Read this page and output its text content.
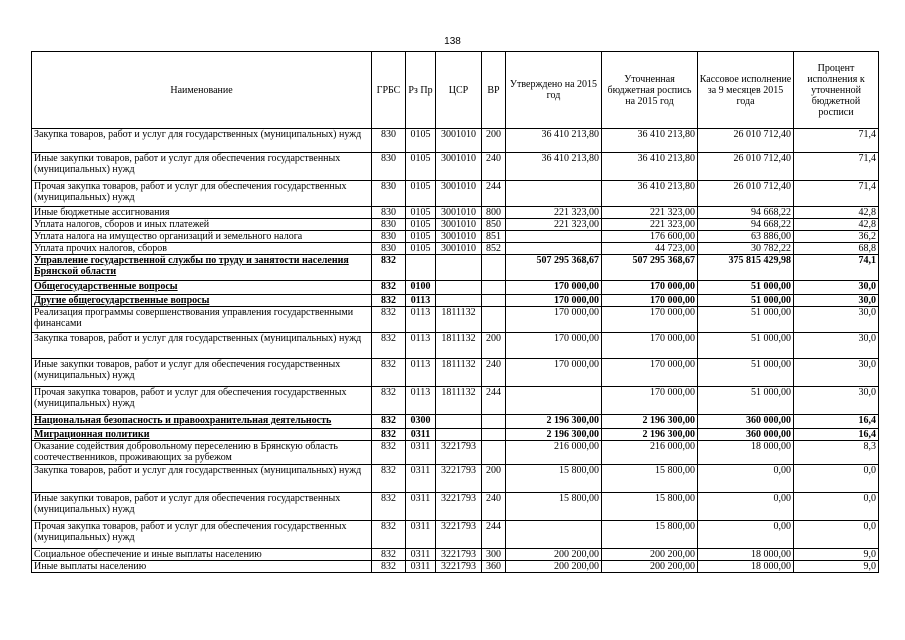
138
Наименование	ГРБС	Рз Пр	ЦСР	ВР	Утверждено на 2015 год	Уточненная бюджетная роспись на 2015 год	Кассовое исполнение за 9 месяцев 2015 года	Процент исполнения к уточненной бюджетной росписи
Закупка товаров, работ и услуг для государственных (муниципальных) нужд	830	0105	3001010	200	36 410 213,80	36 410 213,80	26 010 712,40	71,4
Иные закупки товаров, работ и услуг для обеспечения государственных (муниципальных) нужд	830	0105	3001010	240	36 410 213,80	36 410 213,80	26 010 712,40	71,4
Прочая закупка товаров, работ и услуг для обеспечения государственных (муниципальных) нужд	830	0105	3001010	244		36 410 213,80	26 010 712,40	71,4
Иные бюджетные ассигнования	830	0105	3001010	800	221 323,00	221 323,00	94 668,22	42,8
Уплата налогов, сборов и иных платежей	830	0105	3001010	850	221 323,00	221 323,00	94 668,22	42,8
Уплата налога на имущество организаций и земельного налога	830	0105	3001010	851		176 600,00	63 886,00	36,2
Уплата прочих налогов, сборов	830	0105	3001010	852		44 723,00	30 782,22	68,8
Управление государственной службы по труду и занятости населения Брянской области	832				507 295 368,67	507 295 368,67	375 815 429,98	74,1
Общегосударственные вопросы	832	0100			170 000,00	170 000,00	51 000,00	30,0
Другие общегосударственные вопросы	832	0113			170 000,00	170 000,00	51 000,00	30,0
Реализация программы совершенствования управления государственными финансами	832	0113	1811132		170 000,00	170 000,00	51 000,00	30,0
Закупка товаров, работ и услуг для государственных (муниципальных) нужд	832	0113	1811132	200	170 000,00	170 000,00	51 000,00	30,0
Иные закупки товаров, работ и услуг для обеспечения государственных (муниципальных) нужд	832	0113	1811132	240	170 000,00	170 000,00	51 000,00	30,0
Прочая закупка товаров, работ и услуг для обеспечения государственных (муниципальных) нужд	832	0113	1811132	244		170 000,00	51 000,00	30,0
Национальная безопасность и правоохранительная деятельность	832	0300			2 196 300,00	2 196 300,00	360 000,00	16,4
Миграционная политики	832	0311			2 196 300,00	2 196 300,00	360 000,00	16,4
Оказание содействия добровольному переселению в Брянскую область соотечественников, проживающих за рубежом	832	0311	3221793		216 000,00	216 000,00	18 000,00	8,3
Закупка товаров, работ и услуг для государственных (муниципальных) нужд	832	0311	3221793	200	15 800,00	15 800,00	0,00	0,0
Иные закупки товаров, работ и услуг для обеспечения государственных (муниципальных) нужд	832	0311	3221793	240	15 800,00	15 800,00	0,00	0,0
Прочая закупка товаров, работ и услуг для обеспечения государственных (муниципальных) нужд	832	0311	3221793	244		15 800,00	0,00	0,0
Социальное обеспечение и иные выплаты населению	832	0311	3221793	300	200 200,00	200 200,00	18 000,00	9,0
Иные выплаты населению	832	0311	3221793	360	200 200,00	200 200,00	18 000,00	9,0
